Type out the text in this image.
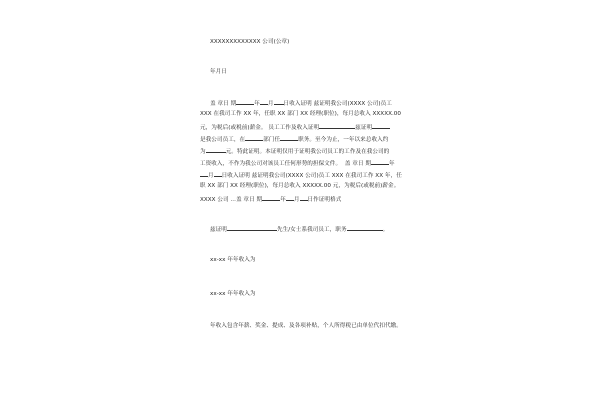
XXXXXXXXXXXXX 公司(公章)
年月日
盖 章日 期	年 月 日收入证明 兹证明我公司(XXXX 公司)员工
XXX 在我司工作 XX 年，任职 XX 部门 XX 经理(职位)，每月总收入 XXXXX.00
元，为税后(或税前)薪金。 员工工作及收入证明	兹证明
是我公司员工，在	部门任	职务。至今为止，一年以来总收入约
为	元。特此证明。本证明仅用于证明我公司员工的工作及在我公司的
工资收入，不作为我公司对该员工任何形势的担保文件。 盖 章日 期	年
月 日收入证明 兹证明我公司(XXXX 公司)员工 XXX 在我司工作 XX 年，任
职 XX 部门 XX 经理(职位)，每月总收入 XXXXX.00 元，为税后(或税前)薪金。
XXXX 公司 ...盖 章日 期	年 月 日作证明格式
兹证明	先生/女士系我司员工，职务	。
xx-xx 年年收入为
xx-xx 年年收入为
年收入包含年薪、奖金、提成、及各项补贴，个人所得税已由单位代扣代缴。
